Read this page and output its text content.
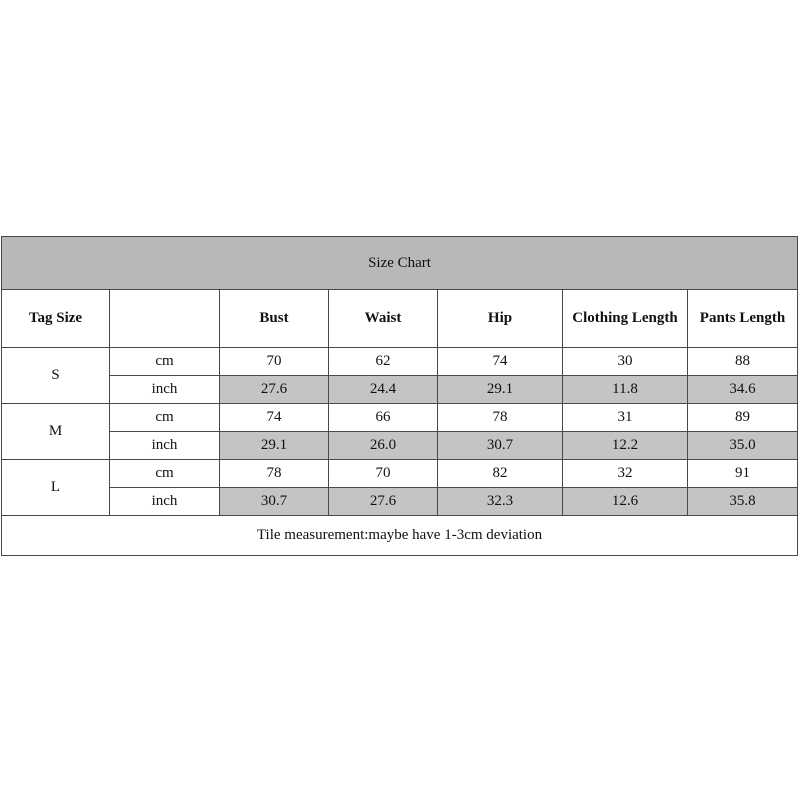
Size Chart						
Tag Size		Bust	Waist	Hip	Clothing Length	Pants Length
S	cm	70	62	74	30	88
	inch	27.6	24.4	29.1	11.8	34.6
M	cm	74	66	78	31	89
	inch	29.1	26.0	30.7	12.2	35.0
L	cm	78	70	82	32	91
	inch	30.7	27.6	32.3	12.6	35.8
Tile measurement:maybe have 1-3cm deviation						
